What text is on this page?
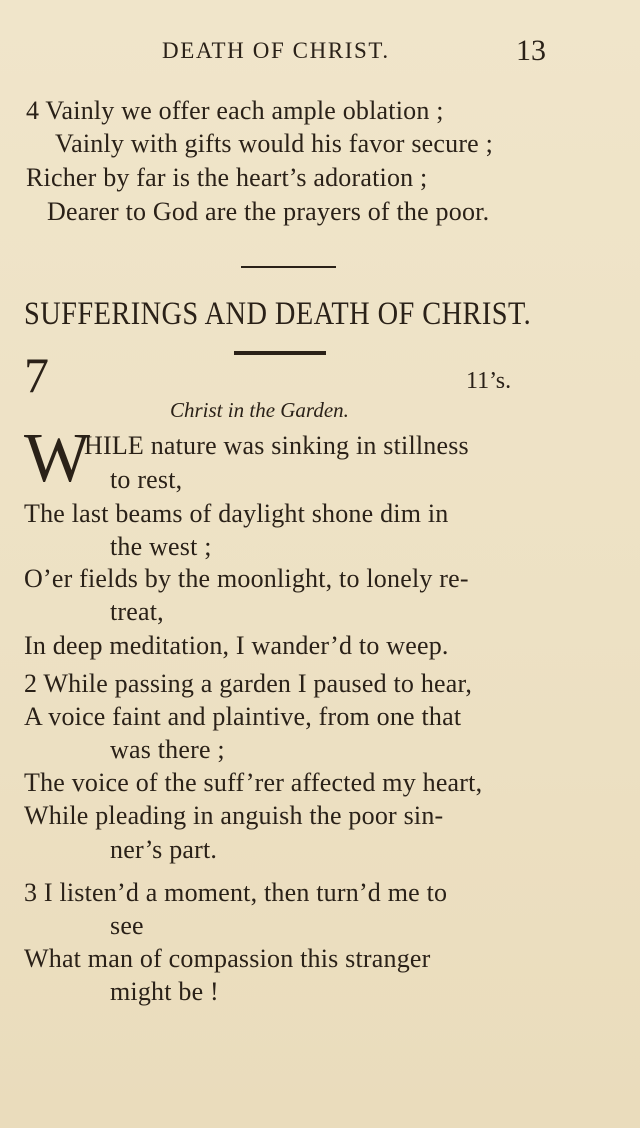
DEATH OF CHRIST.	13
4 Vainly we offer each ample oblation ;
Vainly with gifts would his favor secure ;
Richer by far is the heart’s adoration ;
Dearer to God are the prayers of the poor.
SUFFERINGS AND DEATH OF CHRIST.
7	11’s.
Christ in the Garden.
W
HILE nature was sinking in stillness
to rest,
The last beams of daylight shone dim in
the west ;
O’er fields by the moonlight, to lonely re-
treat,
In deep meditation, I wander’d to weep.
2 While passing a garden I paused to hear,
A voice faint and plaintive, from one that
was there ;
The voice of the suff’rer affected my heart,
While pleading in anguish the poor sin-
ner’s part.
3 I listen’d a moment, then turn’d me to
see
What man of compassion this stranger
might be !
